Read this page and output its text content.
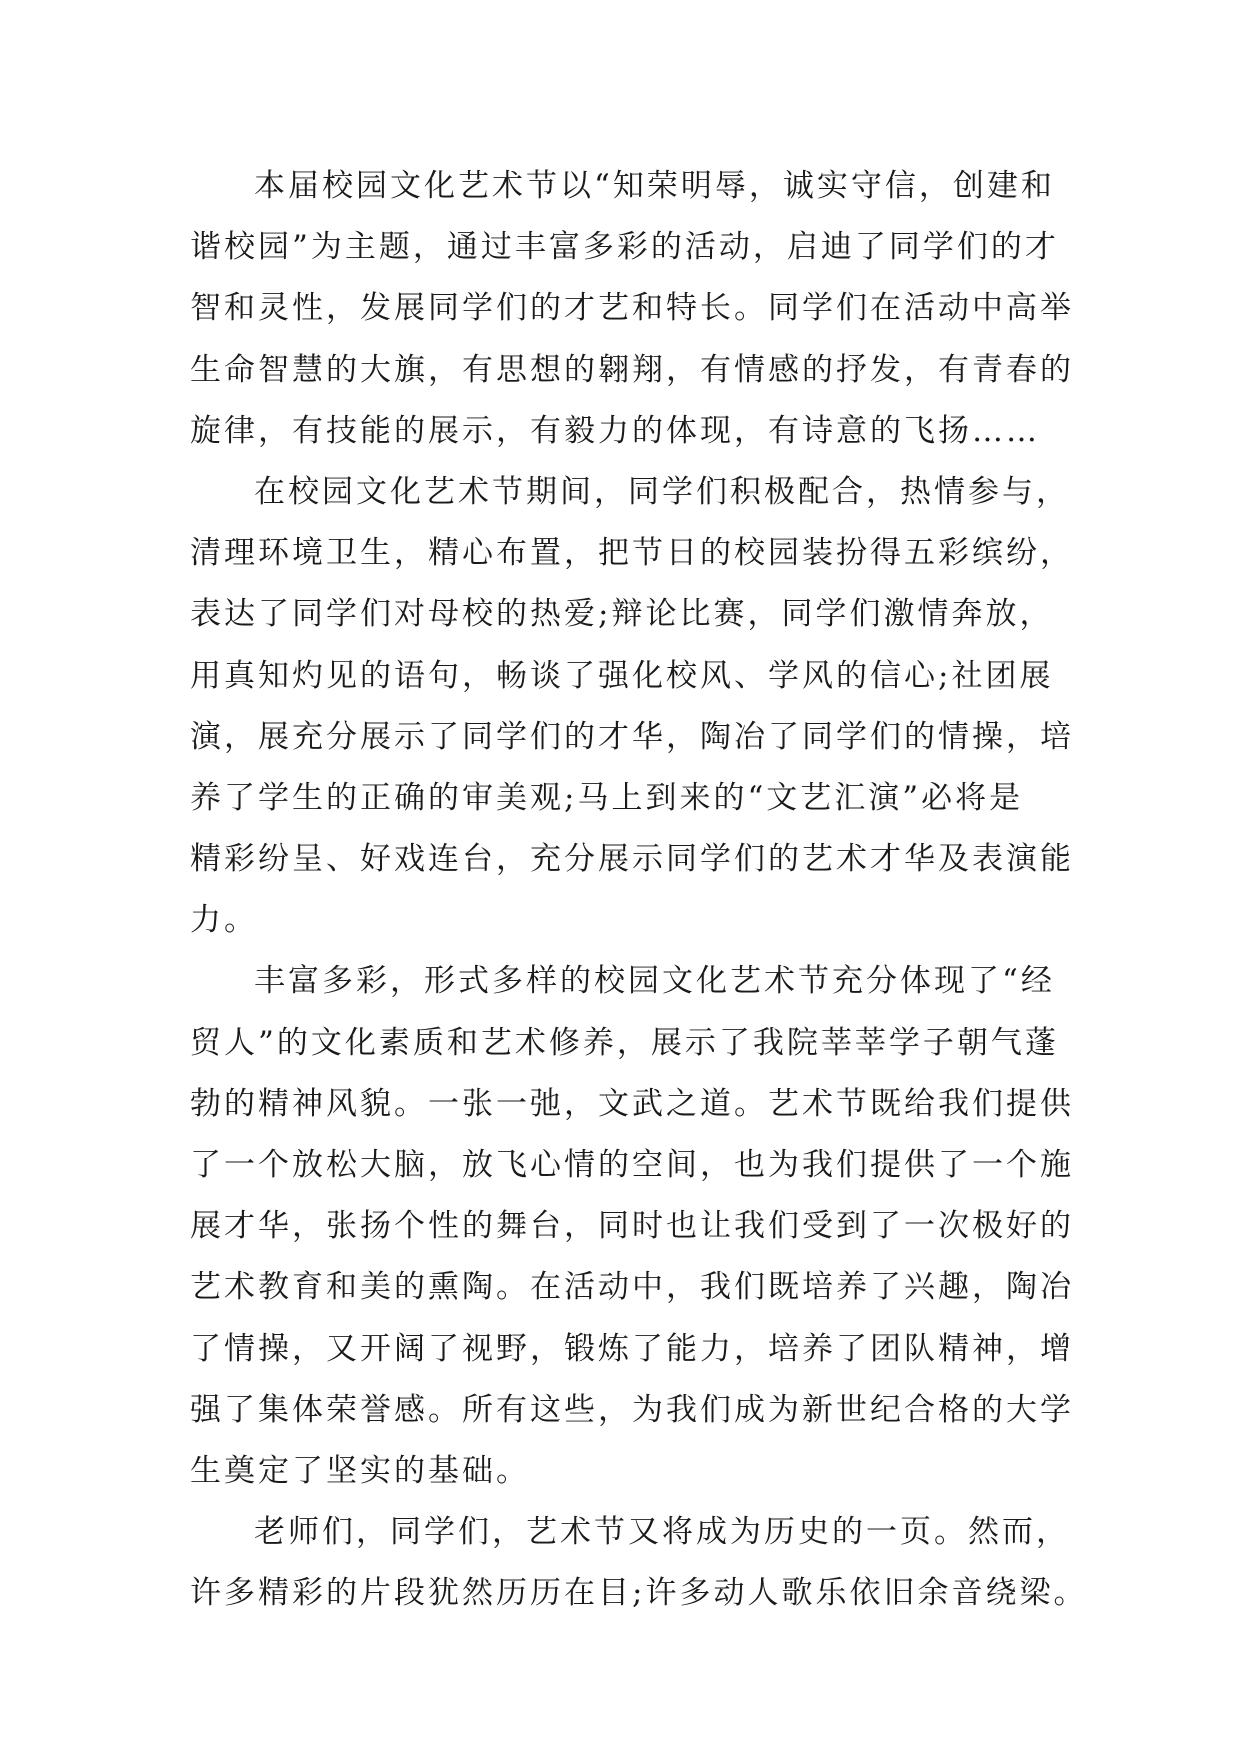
本届校园文化艺术节以“知荣明辱，诚实守信，创建和
谐校园”为主题，通过丰富多彩的活动，启迪了同学们的才
智和灵性，发展同学们的才艺和特长。同学们在活动中高举
生命智慧的大旗，有思想的翱翔，有情感的抒发，有青春的
旋律，有技能的展示，有毅力的体现，有诗意的飞扬……
在校园文化艺术节期间，同学们积极配合，热情参与，
清理环境卫生，精心布置，把节日的校园装扮得五彩缤纷，
表达了同学们对母校的热爱;辩论比赛，同学们激情奔放，
用真知灼见的语句，畅谈了强化校风、学风的信心;社团展
演，展充分展示了同学们的才华，陶冶了同学们的情操，培
养了学生的正确的审美观;马上到来的“文艺汇演”必将是
精彩纷呈、好戏连台，充分展示同学们的艺术才华及表演能
力。
丰富多彩，形式多样的校园文化艺术节充分体现了“经
贸人”的文化素质和艺术修养，展示了我院莘莘学子朝气蓬
勃的精神风貌。一张一弛，文武之道。艺术节既给我们提供
了一个放松大脑，放飞心情的空间，也为我们提供了一个施
展才华，张扬个性的舞台，同时也让我们受到了一次极好的
艺术教育和美的熏陶。在活动中，我们既培养了兴趣，陶冶
了情操，又开阔了视野，锻炼了能力，培养了团队精神，增
强了集体荣誉感。所有这些，为我们成为新世纪合格的大学
生奠定了坚实的基础。
老师们，同学们，艺术节又将成为历史的一页。然而，
许多精彩的片段犹然历历在目;许多动人歌乐依旧余音绕梁。
